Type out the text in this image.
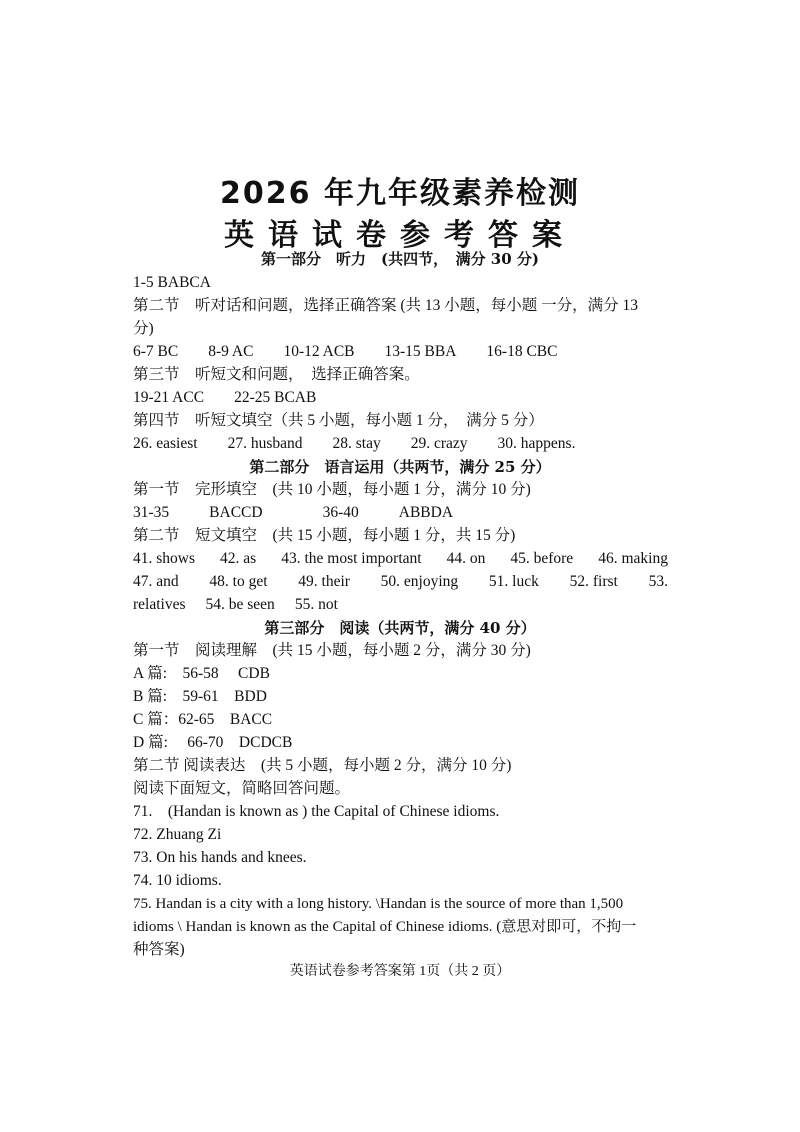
2026 年九年级素养检测
英语试卷参考答案
第一部分　听力　(共四节，　满分 30 分)
1-5 BABCA
第二节　听对话和问题，选择正确答案 (共 13 小题，每小题 一分，满分 13
分)
6-7 BC 8-9 AC 10-12 ACB 13-15 BBA 16-18 CBC
第三节　听短文和问题，　选择正确答案。
19-21 ACC 22-25 BCAB
第四节　听短文填空（共 5 小题，每小题 1 分，　满分 5 分）
26. easiest 27. husband 28. stay 29. crazy 30. happens.
第二部分　语言运用（共两节，满分 25 分）
第一节　完形填空　(共 10 小题，每小题 1 分，满分 10 分)
31-35	BACCD	36-40	ABBDA
第二节　短文填空　(共 15 小题，每小题 1 分，共 15 分)
41. shows 42. as 43. the most important 44. on 45. before 46. making
47. and 48. to get 49. their 50. enjoying 51. luck 52. first 53.
relatives 54. be seen 55. not
第三部分　阅读（共两节，满分 40 分）
第一节　阅读理解　(共 15 小题，每小题 2 分，满分 30 分)
A 篇:　56-58　 CDB
B 篇:　59-61　BDD
C 篇：62-65　BACC
D 篇:　 66-70　DCDCB
第二节 阅读表达　(共 5 小题，每小题 2 分，满分 10 分)
阅读下面短文，简略回答问题。
71.　(Handan is known as ) the Capital of Chinese idioms.
72. Zhuang Zi
73. On his hands and knees.
74. 10 idioms.
75. Handan is a city with a long history. \Handan is the source of more than 1,500
idioms \ Handan is known as the Capital of Chinese idioms. (意思对即可，不拘一
种答案)
英语试卷参考答案第 1页（共 2 页）
